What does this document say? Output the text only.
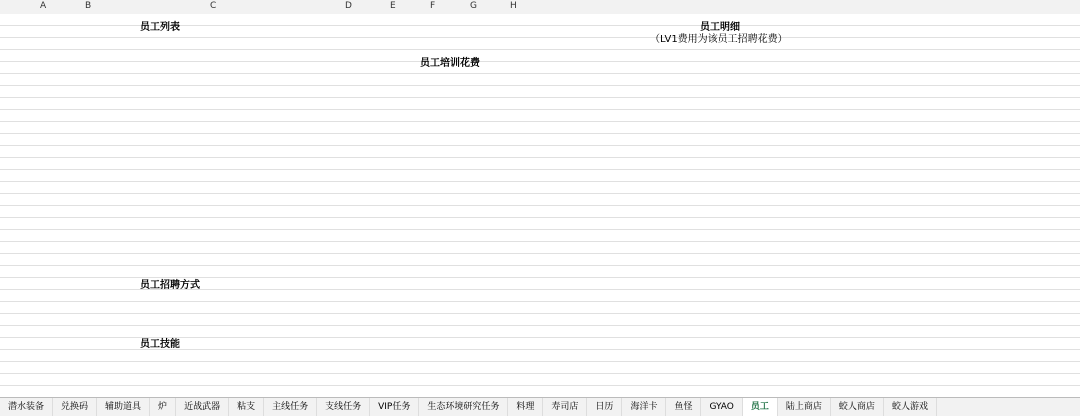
A	B	C	D	E	F	G	H
员工列表	员工明细
（LV1费用为该员工招聘花费）
员工培训花费
员工招聘方式
员工技能
潜水装备	兑换码	辅助道具	炉	近战武器	粘支	主线任务	支线任务	VIP任务	生态环境研究任务	料理	寿司店	日历	海洋卡	鱼怪	GYAO	员工	陆上商店	蛟人商店	蛟人游戏
